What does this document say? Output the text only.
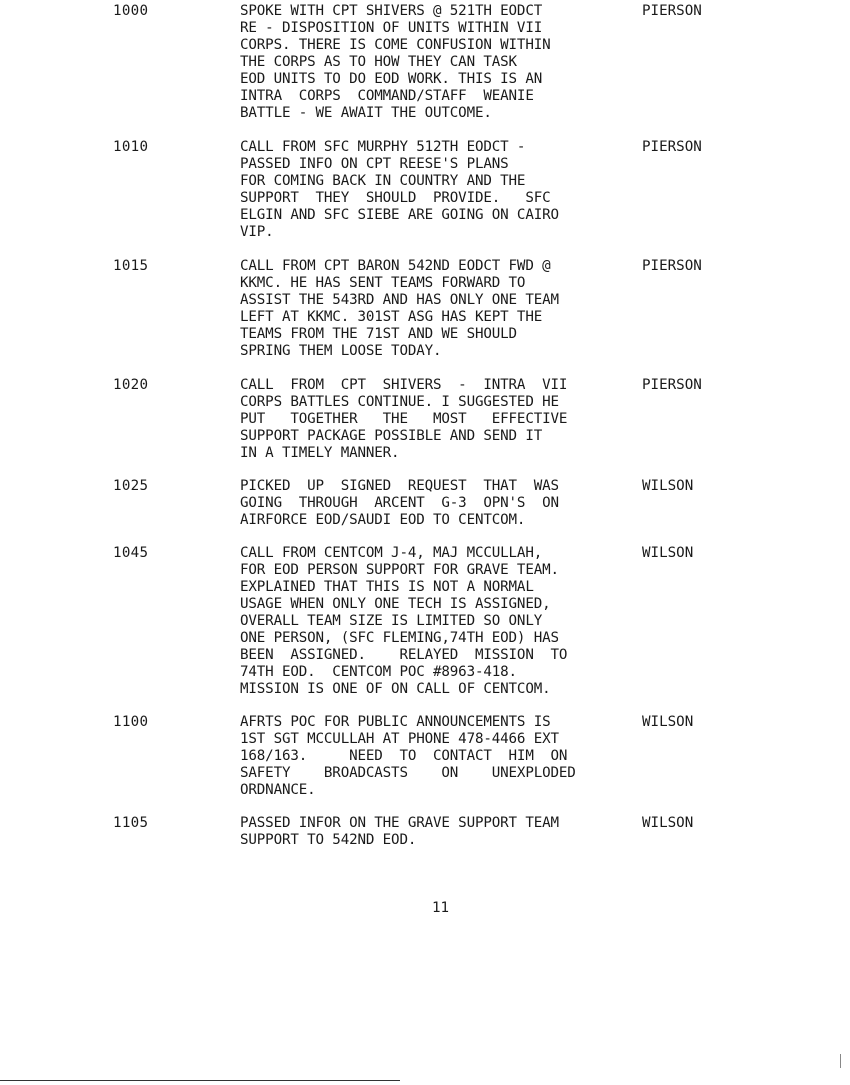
1000	SPOKE WITH CPT SHIVERS @ 521TH EODCT
RE - DISPOSITION OF UNITS WITHIN VII
CORPS. THERE IS COME CONFUSION WITHIN
THE CORPS AS TO HOW THEY CAN TASK
EOD UNITS TO DO EOD WORK. THIS IS AN
INTRA  CORPS  COMMAND/STAFF  WEANIE
BATTLE - WE AWAIT THE OUTCOME.
PIERSON
1010	CALL FROM SFC MURPHY 512TH EODCT -
PASSED INFO ON CPT REESE'S PLANS
FOR COMING BACK IN COUNTRY AND THE
SUPPORT  THEY  SHOULD  PROVIDE.   SFC
ELGIN AND SFC SIEBE ARE GOING ON CAIRO
VIP.
PIERSON
1015	CALL FROM CPT BARON 542ND EODCT FWD @
KKMC. HE HAS SENT TEAMS FORWARD TO
ASSIST THE 543RD AND HAS ONLY ONE TEAM
LEFT AT KKMC. 301ST ASG HAS KEPT THE
TEAMS FROM THE 71ST AND WE SHOULD
SPRING THEM LOOSE TODAY.
PIERSON
1020	CALL  FROM  CPT  SHIVERS  -  INTRA  VII
CORPS BATTLES CONTINUE. I SUGGESTED HE
PUT   TOGETHER   THE   MOST   EFFECTIVE
SUPPORT PACKAGE POSSIBLE AND SEND IT
IN A TIMELY MANNER.
PIERSON
1025	PICKED  UP  SIGNED  REQUEST  THAT  WAS
GOING  THROUGH  ARCENT  G-3  OPN'S  ON
AIRFORCE EOD/SAUDI EOD TO CENTCOM.
WILSON
1045	CALL FROM CENTCOM J-4, MAJ MCCULLAH,
FOR EOD PERSON SUPPORT FOR GRAVE TEAM.
EXPLAINED THAT THIS IS NOT A NORMAL
USAGE WHEN ONLY ONE TECH IS ASSIGNED,
OVERALL TEAM SIZE IS LIMITED SO ONLY
ONE PERSON, (SFC FLEMING,74TH EOD) HAS
BEEN  ASSIGNED.    RELAYED  MISSION  TO
74TH EOD.  CENTCOM POC #8963-418.
MISSION IS ONE OF ON CALL OF CENTCOM.
WILSON
1100	AFRTS POC FOR PUBLIC ANNOUNCEMENTS IS
1ST SGT MCCULLAH AT PHONE 478-4466 EXT
168/163.     NEED  TO  CONTACT  HIM  ON
SAFETY    BROADCASTS    ON    UNEXPLODED
ORDNANCE.
WILSON
1105	PASSED INFOR ON THE GRAVE SUPPORT TEAM
SUPPORT TO 542ND EOD.
WILSON
11
